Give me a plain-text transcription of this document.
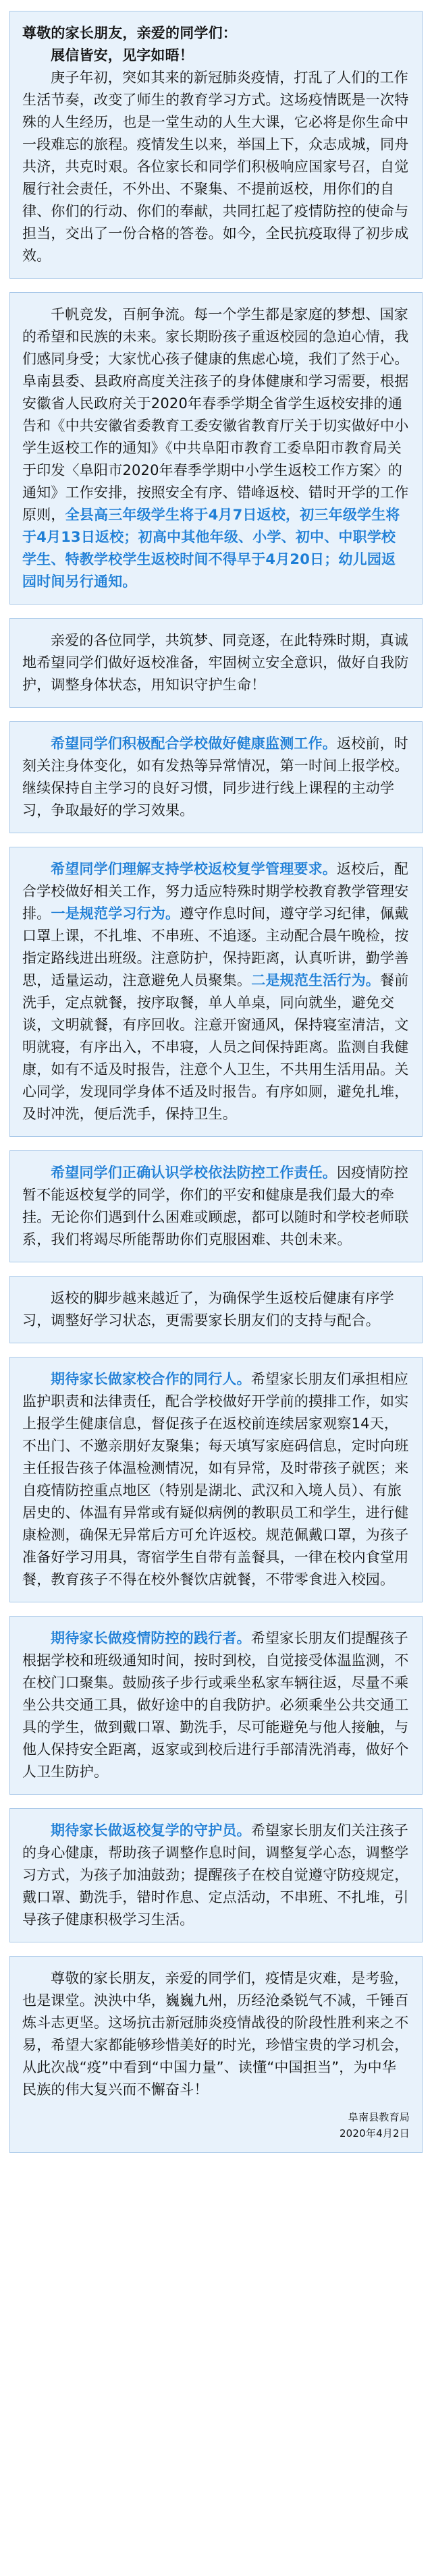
尊敬的家长朋友，亲爱的同学们：

展信皆安，见字如晤！

庚子年初，突如其来的新冠肺炎疫情，打乱了人们的工作生活节奏，改变了师生的教育学习方式。这场疫情既是一次特殊的人生经历，也是一堂生动的人生大课，它必将是你生命中一段难忘的旅程。疫情发生以来，举国上下，众志成城，同舟共济，共克时艰。各位家长和同学们积极响应国家号召，自觉履行社会责任，不外出、不聚集、不提前返校，用你们的自律、你们的行动、你们的奉献，共同扛起了疫情防控的使命与担当，交出了一份合格的答卷。如今，全民抗疫取得了初步成效。

千帆竞发，百舸争流。每一个学生都是家庭的梦想、国家的希望和民族的未来。家长期盼孩子重返校园的急迫心情，我们感同身受；大家忧心孩子健康的焦虑心境，我们了然于心。阜南县委、县政府高度关注孩子的身体健康和学习需要，根据安徽省人民政府关于2020年春季学期全省学生返校安排的通告和《中共安徽省委教育工委安徽省教育厅关于切实做好中小学生返校工作的通知》《中共阜阳市教育工委阜阳市教育局关于印发〈阜阳市2020年春季学期中小学生返校工作方案〉的通知》工作安排，按照安全有序、错峰返校、错时开学的工作原则，全县高三年级学生将于4月7日返校，初三年级学生将于4月13日返校；初高中其他年级、小学、初中、中职学校学生、特教学校学生返校时间不得早于4月20日；幼儿园返园时间另行通知。

亲爱的各位同学，共筑梦、同竞逐，在此特殊时期，真诚地希望同学们做好返校准备，牢固树立安全意识，做好自我防护，调整身体状态，用知识守护生命！

希望同学们积极配合学校做好健康监测工作。返校前，时刻关注身体变化，如有发热等异常情况，第一时间上报学校。继续保持自主学习的良好习惯，同步进行线上课程的主动学习，争取最好的学习效果。

希望同学们理解支持学校返校复学管理要求。返校后，配合学校做好相关工作，努力适应特殊时期学校教育教学管理安排。一是规范学习行为。遵守作息时间，遵守学习纪律，佩戴口罩上课，不扎堆、不串班、不追逐。主动配合晨午晚检，按指定路线进出班级。注意防护，保持距离，认真听讲，勤学善思，适量运动，注意避免人员聚集。二是规范生活行为。餐前洗手，定点就餐，按序取餐，单人单桌，同向就坐，避免交谈，文明就餐，有序回收。注意开窗通风，保持寝室清洁，文明就寝，有序出入，不串寝，人员之间保持距离。监测自我健康，如有不适及时报告，注意个人卫生，不共用生活用品。关心同学，发现同学身体不适及时报告。有序如厕，避免扎堆，及时冲洗，便后洗手，保持卫生。

希望同学们正确认识学校依法防控工作责任。因疫情防控暂不能返校复学的同学，你们的平安和健康是我们最大的牵挂。无论你们遇到什么困难或顾虑，都可以随时和学校老师联系，我们将竭尽所能帮助你们克服困难、共创未来。

返校的脚步越来越近了，为确保学生返校后健康有序学习，调整好学习状态，更需要家长朋友们的支持与配合。

期待家长做家校合作的同行人。希望家长朋友们承担相应监护职责和法律责任，配合学校做好开学前的摸排工作，如实上报学生健康信息，督促孩子在返校前连续居家观察14天，不出门、不邀亲朋好友聚集；每天填写家庭码信息，定时向班主任报告孩子体温检测情况，如有异常，及时带孩子就医；来自疫情防控重点地区（特别是湖北、武汉和入境人员）、有旅居史的、体温有异常或有疑似病例的教职员工和学生，进行健康检测，确保无异常后方可允许返校。规范佩戴口罩，为孩子准备好学习用具，寄宿学生自带有盖餐具，一律在校内食堂用餐，教育孩子不得在校外餐饮店就餐，不带零食进入校园。

期待家长做疫情防控的践行者。希望家长朋友们提醒孩子根据学校和班级通知时间，按时到校，自觉接受体温监测，不在校门口聚集。鼓励孩子步行或乘坐私家车辆往返，尽量不乘坐公共交通工具，做好途中的自我防护。必须乘坐公共交通工具的学生，做到戴口罩、勤洗手，尽可能避免与他人接触，与他人保持安全距离，返家或到校后进行手部清洗消毒，做好个人卫生防护。

期待家长做返校复学的守护员。希望家长朋友们关注孩子的身心健康，帮助孩子调整作息时间，调整复学心态，调整学习方式，为孩子加油鼓劲；提醒孩子在校自觉遵守防疫规定，戴口罩、勤洗手，错时作息、定点活动，不串班、不扎堆，引导孩子健康积极学习生活。

尊敬的家长朋友，亲爱的同学们，疫情是灾难，是考验，也是课堂。泱泱中华，巍巍九州，历经沧桑锐气不减，千锤百炼斗志更坚。这场抗击新冠肺炎疫情战役的阶段性胜利来之不易，希望大家都能够珍惜美好的时光，珍惜宝贵的学习机会，从此次战“疫”中看到“中国力量”、读懂“中国担当”，为中华民族的伟大复兴而不懈奋斗！

阜南县教育局
2020年4月2日
